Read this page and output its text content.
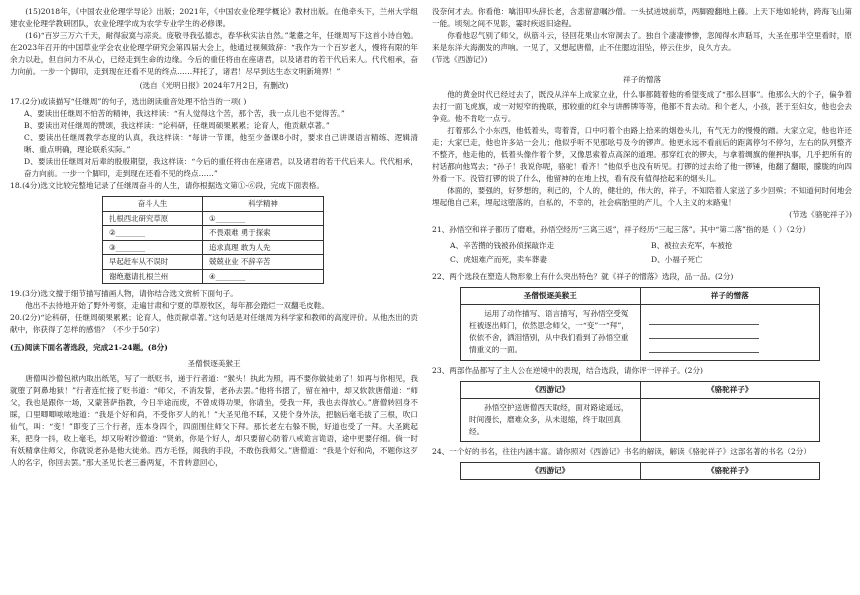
(15)2018年，《中国农业伦理学导论》出版；2021年，《中国农业伦理学概论》教材出版。在他牵头下，兰州大学组建农业伦理学教研团队，农业伦理学成为农学专业学生的必修课。

(16)“百岁三万六千天，耐得寂寞与凉炎。庞敬寻我弘德志，春华秋实法自然。”耄耋之年，任继周写下这首小诗自勉。在2023年召开的中国草业学会农业伦理学研究会第四届大会上，他通过视频致辞：“我作为一个百岁老人，慢将有限的年余力以赴，但自问力不从心，已经走到生命的边缘。今后的重任将由在座诸君，以及诸君的若干代后来人。代代相承，奋力向前。一步一个脚印，走到现在还看不见的终点……拜托了，诸君！尽早到达生态文明新境界！”

(选自《光明日报》2024年7月2日，有删改)

17.(2分)或读描写“任继周”的句子，选出朗读重音处理不恰当的一项( )

A、要读出任继周不怕苦的精神，我这样读：“有人觉得这个苦，那个苦，我一点儿也不觉得苦。”

B、要读出对任继周的赞颂，我这样读：“论科研，任继周硕果累累；论育人，他贡献卓著。”

C、要读出任继周教学态度的认真，我这样读：“每讲一节课，他至少备课8小时，要求自己讲课语言精练、逻辑清晰、重点明确，理论联系实际。”

D、要读出任继周对后辈的殷殷期望，我这样读：“今后的重任将由在座诸君，以及诸君的若干代后来人。代代相承，奋力向前。一步一个脚印，走到现在还看不见的终点……”

18.(4分)选文比较完整地记录了任继周奋斗的人生，请你根据选文第①-⑥段，完成下面表格。

奋斗人生	科学精神
扎根西北研究草原	①________
②________	不畏艰难 勇于探索
③________	追求真理 敢为人先
早起赶车从不误时	兢兢业业 不辞辛苦
谢绝邀请扎根兰州	④________

19.(3分)选文擅于细节描写描画人物，请你结合选文赏析下面句子。

他出不去待地开始了野外考察，走遍甘肃和宁夏的草原牧区，每年都会踏烂一双翻毛皮鞋。

20.(2分)“论科研，任继周硕果累累；论育人，他贡献卓著。”这句话是对任继周为科学家和教师的高度评价。从他杰出的贡献中，你获得了怎样的感悟？（不少于50字）

(五)阅读下面名著选段，完成21-24题。(8分)

圣僧恨逐美猴王

唐僧叫沙僧包袱内取出纸笔，写了一纸贬书，递于行者道：“猴头！执此为照，再不要你做徒弟了！如再与你相见，我就堕了阿鼻地狱！”行者连忙接了贬书道：“师父，不消发誓，老孙去罢。”他将书摺了，留在袖中，却又软款唐僧道：“师父，我也是跟你一场，又蒙菩萨指教，今日半途而废，不曾成得功果，你请坐，受我一拜，我也去得放心。”唐僧转回身不睬，口里唧唧哝哝地道：“我是个好和尚，不受你歹人的礼！”大圣见他不睬，又使个身外法，把脑后毫毛拔了三根，吹口仙气，叫：“变！”即变了三个行者，连本身四个，四面围住师父下拜。那长老左右躲不脱，好道也受了一拜。大圣跳起来，把身一抖，收上毫毛，却又吩咐沙僧道：“贤弟，你是个好人，却只要留心防着八戒诡言诡语，途中更要仔细。倘一时有妖精拿住师父，你就说老孙是他大徒弟。西方毛怪，闻我的手段，不敢伤我师父。”唐僧道：“我是个好和尚，不题你这歹人的名字，你回去罢。”那大圣见长老三番两复，不肯转意回心，

没奈何才去。你看他：噙泪叩头辞长老，含悲留意嘱沙僧。一头拭迸坡前草，两脚蹬翻地上藤。上天下地如轮转，跨海飞山第一能。顷刻之间不见影，霎时疾返旧途程。

你看他忍气别了师父，纵筋斗云，径回花果山水帘洞去了。独自个凄凄惨惨，忽闻得水声聒耳，大圣在那半空里看时，原来是东洋大海潮发的声响。一见了，又想起唐僧，止不住腮边泪坠，停云住步，良久方去。

(节选《西游记》)

祥子的憎落

他的黄金时代已经过去了，既没从洋车上成家立业，什么事都随着他的希望变成了“那么回事”。他那么大的个子，偏争着去打一面飞虎旗，或一对短窄的挽联，那较重的红伞与讲醉牌等等，他都不肯去动。和个老人，小孩，甚于至妇女，他也会去争竞。他不肯吃一点亏。

打着那么个小东西，他低着头，弯着背，口中叼着个由路上拾来的烟卷头儿，有气无力的慢慢的蹭。大家立定，他也许还走；大家已走，他也许多站一会儿；他似乎听不见那吆号及今的锣声。他更永远不看前后的距离停匀不停匀，左右的队列整齐不整齐，他走他的，低着头像作着个梦，又像思索着点高深的道理。那穿红衣的锣夫，与拿着绸旗的催押执事，几乎把所有的村话都向他骂去；“孙子！我说你呢，骆驼！看齐！”他似乎也没有听见。打锣的过去给了他一锣锤，他翻了翻眼，朦胧的向四外看一下。没管打锣的说了什么，他留神的在地上找，看有没有值得拾起来的烟头儿。

体面的，要强的，好梦想的，利己的，个人的，健壮的，伟大的，祥子，不知陪着人家送了多少回殡；不知道何时何地会埋起他自己来，埋起这堕落的，自私的，不幸的，社会病胎里的产儿，个人主义的末路鬼！

(节选《骆驼祥子》)

21、孙悟空和祥子都历了磨难，孙悟空经历“三离三返”，祥子经历“三起三落”。其中“第二落”指的是（ ）（2分）

A、辛苦攒的钱被孙侦探敲诈走	B、被拉去充军，车被抢
C、虎妞难产而死，卖车葬妻	D、小福子死亡

22、两个选段在塑造人物形象上有什么突出特色？就《祥子的憎落》选段，品一品。(2分)

圣僧恨逐美猴王	祥子的憎落
运用了动作描写、语言描写，写孙悟空受冤枉被逐出师门，依然思念师父，一“变”一“拜”，依依不舍，洒泪惜别，从中我们看到了孙悟空重情重义的一面。

23、两部作品都写了主人公在逆境中的表现，结合选段，请你评一评祥子。(2分)

《西游记》	《骆驼祥子》
孙悟空护送唐僧西天取经，面对路途遥远，时间漫长，磨难众多，从未退缩，终于取回真经。

24、一个好的书名，往往内涵丰富。请你照对《西游记》书名的解读，解读《骆驼祥子》这部名著的书名（2分）

《西游记》	《骆驼祥子》
